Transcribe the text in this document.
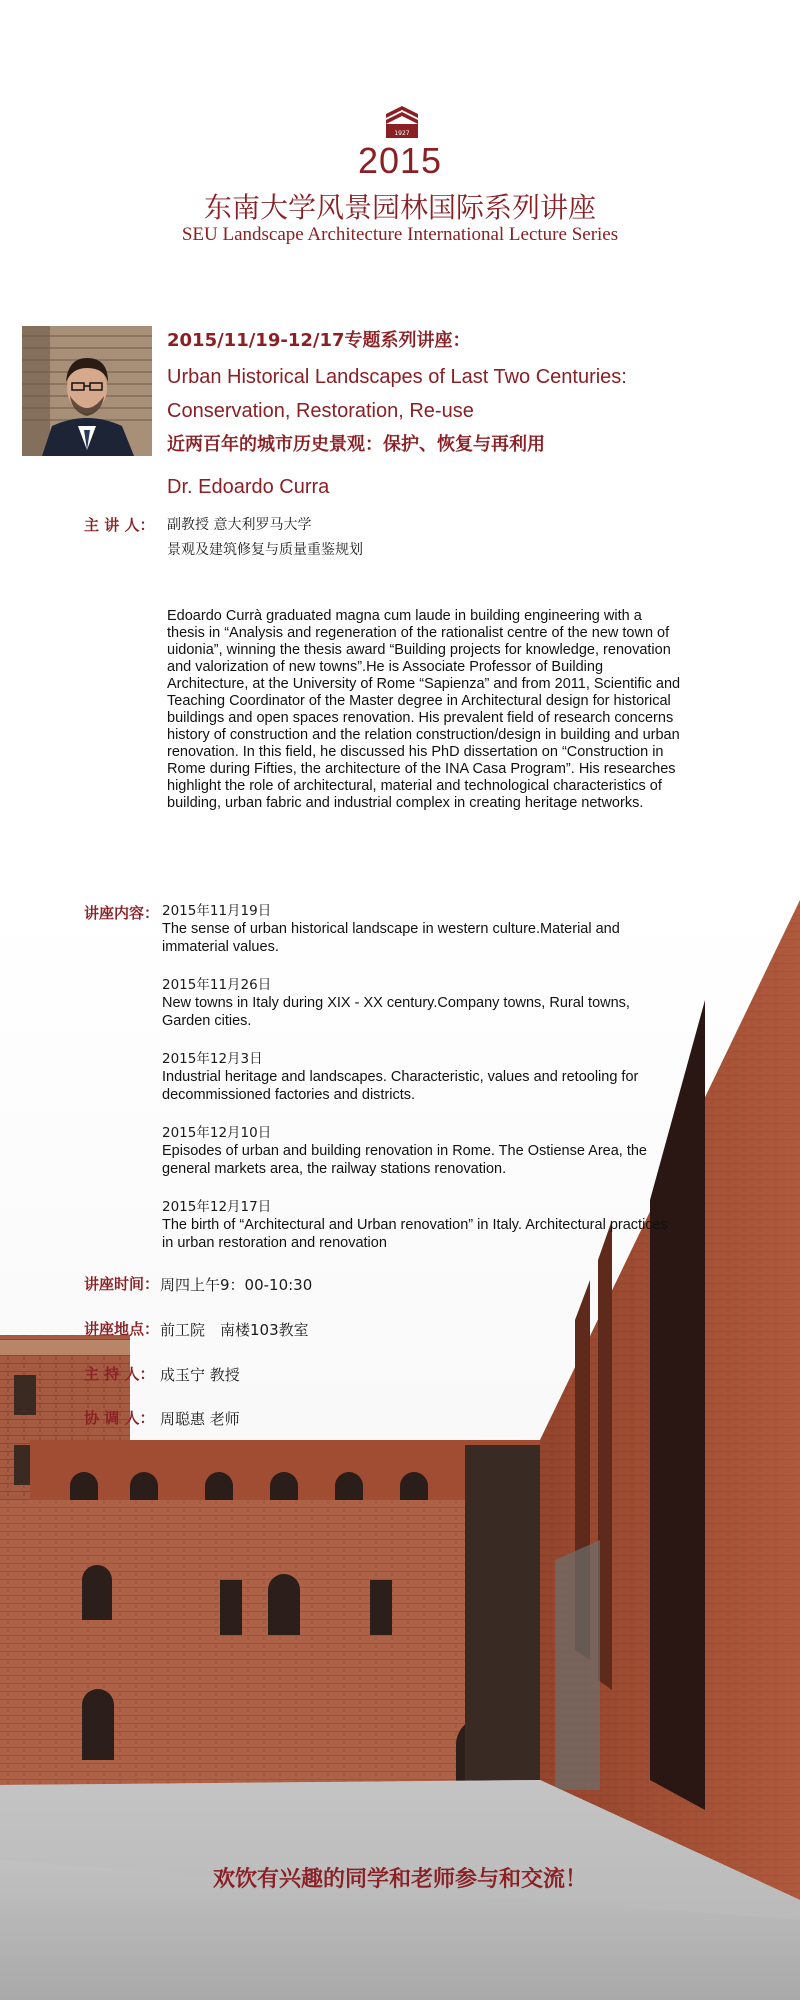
1927
2015
东南大学风景园林国际系列讲座
SEU Landscape Architecture International Lecture Series
2015/11/19-12/17专题系列讲座：
Urban Historical Landscapes of Last Two Centuries:
Conservation, Restoration, Re-use
近两百年的城市历史景观：保护、恢复与再利用
Dr. Edoardo Curra
主 讲 人： 副教授 意大利罗马大学
景观及建筑修复与质量重鉴规划
Edoardo Currà graduated magna cum laude in building engineering with a thesis in “Analysis and regeneration of the rationalist centre of the new town of uidonia”, winning the thesis award “Building projects for knowledge, renovation and valorization of new towns”.He is Associate Professor of Building Architecture, at the University of Rome “Sapienza” and from 2011, Scientific and Teaching Coordinator of the Master degree in Architectural design for historical buildings and open spaces renovation. His prevalent field of research concerns history of construction and the relation construction/design in building and urban renovation. In this field, he discussed his PhD dissertation on “Construction in Rome during Fifties, the architecture of the INA Casa Program”. His researches highlight the role of architectural, material and technological characteristics of building, urban fabric and industrial complex in creating heritage networks.
讲座内容： 2015年11月19日
The sense of urban historical landscape in western culture.Material and immaterial values.
2015年11月26日
New towns in Italy during XIX - XX century.Company towns, Rural towns, Garden cities.
2015年12月3日
Industrial heritage and landscapes. Characteristic, values and retooling for decommissioned factories and districts.
2015年12月10日
Episodes of urban and building renovation in Rome. The Ostiense Area, the general markets area, the railway stations renovation.
2015年12月17日
The birth of “Architectural and Urban renovation” in Italy. Architectural practices in urban restoration and renovation
讲座时间： 周四上午9：00-10:30
讲座地点： 前工院　南楼103教室
主 持 人： 成玉宁 教授
协 调 人： 周聪惠 老师
欢饮有兴趣的同学和老师参与和交流！
